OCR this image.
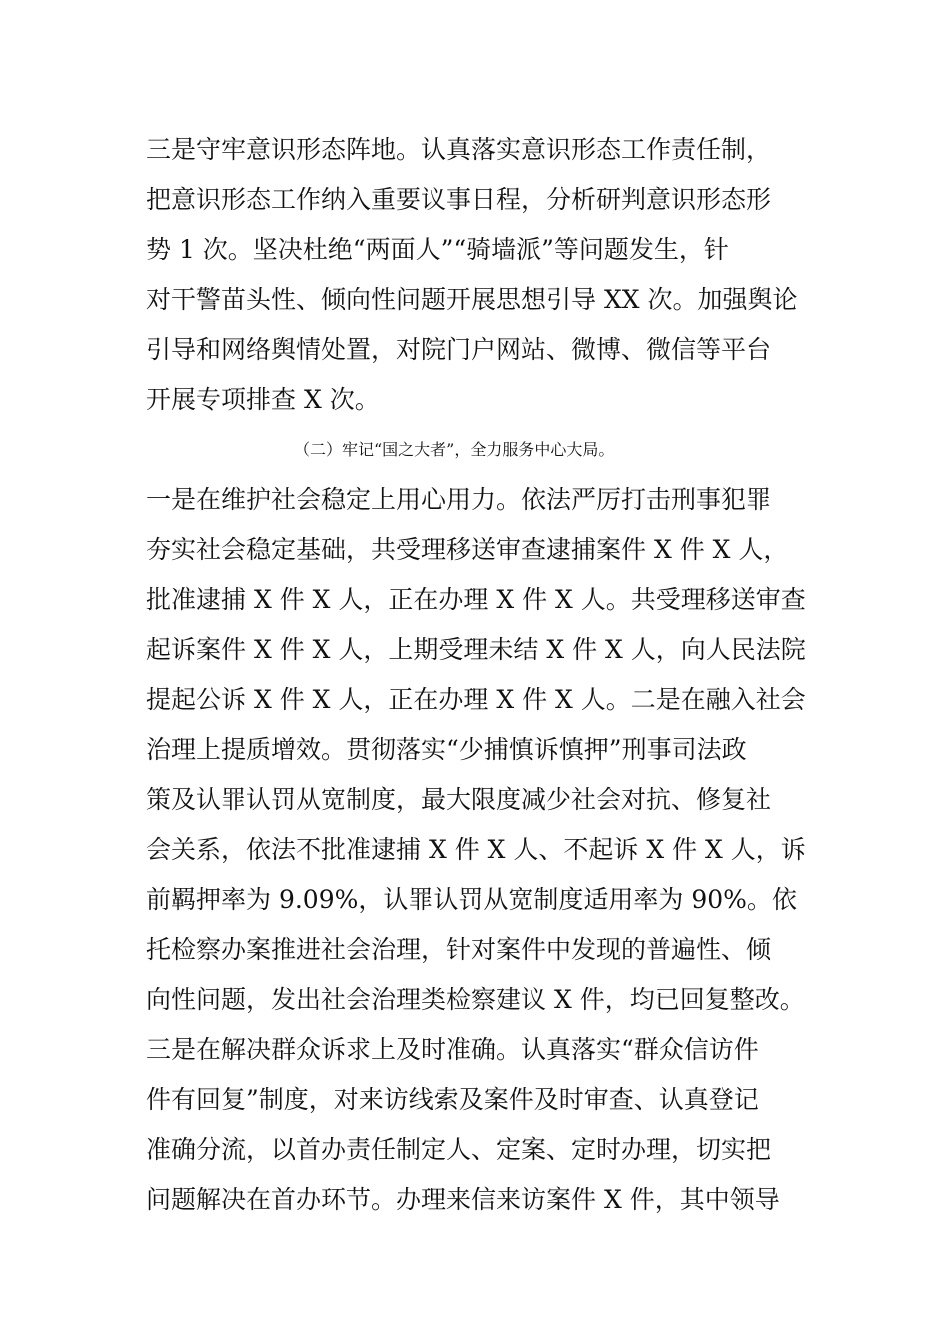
三是守牢意识形态阵地。认真落实意识形态工作责任制，
把意识形态工作纳入重要议事日程，分析研判意识形态形
势 1 次。坚决杜绝“两面人”“骑墙派”等问题发生，针
对干警苗头性、倾向性问题开展思想引导 XX 次。加强舆论
引导和网络舆情处置，对院门户网站、微博、微信等平台
开展专项排查 X 次。
（二）牢记“国之大者”，全力服务中心大局。
一是在维护社会稳定上用心用力。依法严厉打击刑事犯罪
夯实社会稳定基础，共受理移送审查逮捕案件 X 件 X 人，
批准逮捕 X 件 X 人，正在办理 X 件 X 人。共受理移送审查
起诉案件 X 件 X 人，上期受理未结 X 件 X 人，向人民法院
提起公诉 X 件 X 人，正在办理 X 件 X 人。二是在融入社会
治理上提质增效。贯彻落实“少捕慎诉慎押”刑事司法政
策及认罪认罚从宽制度，最大限度减少社会对抗、修复社
会关系，依法不批准逮捕 X 件 X 人、不起诉 X 件 X 人，诉
前羁押率为 9.09%，认罪认罚从宽制度适用率为 90%。依
托检察办案推进社会治理，针对案件中发现的普遍性、倾
向性问题，发出社会治理类检察建议 X 件，均已回复整改。
三是在解决群众诉求上及时准确。认真落实“群众信访件
件有回复”制度，对来访线索及案件及时审查、认真登记
准确分流，以首办责任制定人、定案、定时办理，切实把
问题解决在首办环节。办理来信来访案件 X 件，其中领导
